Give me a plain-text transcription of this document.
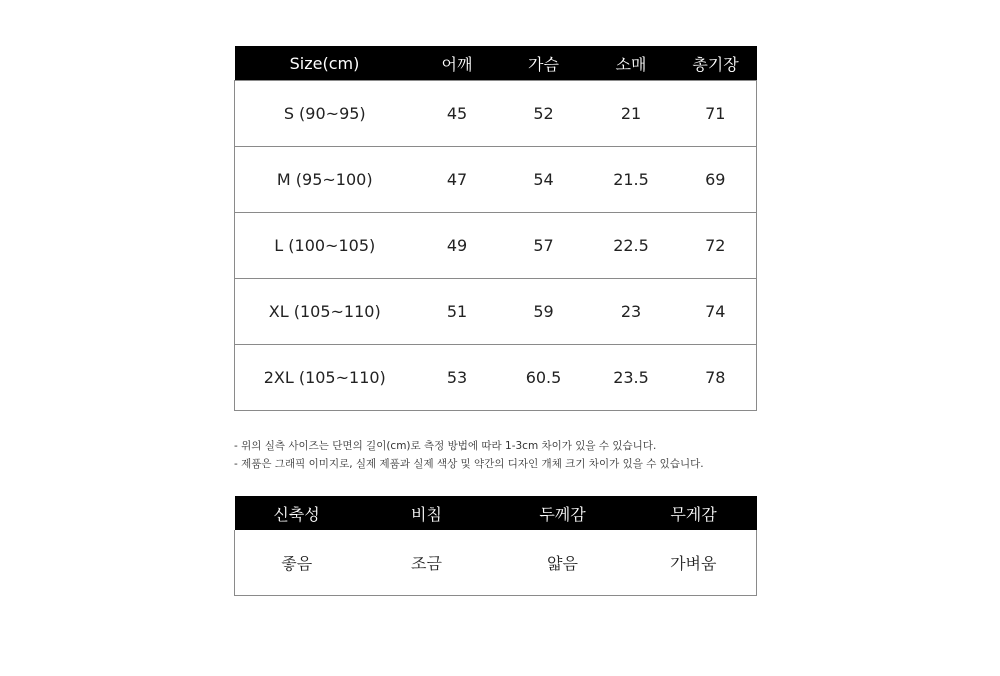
Size(cm)	어깨	가슴	소매	총기장
S (90~95)	45	52	21	71
M (95~100)	47	54	21.5	69
L (100~105)	49	57	22.5	72
XL (105~110)	51	59	23	74
2XL (105~110)	53	60.5	23.5	78
- 위의 실측 사이즈는 단면의 길이(cm)로 측정 방법에 따라 1-3cm 차이가 있을 수 있습니다.
- 제품은 그래픽 이미지로, 실제 제품과 실제 색상 및 약간의 디자인 개체 크기 차이가 있을 수 있습니다.
신축성	비침	두께감	무게감
좋음	조금	얇음	가벼움
